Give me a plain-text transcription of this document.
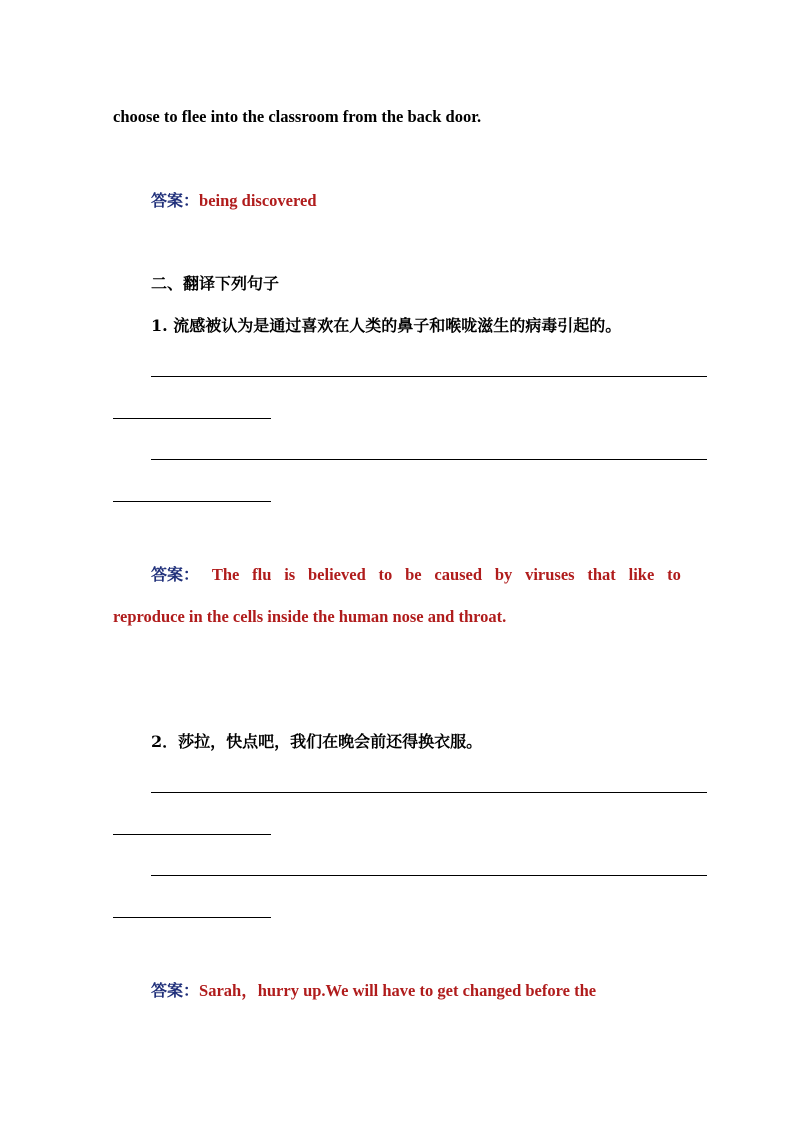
choose to flee into the classroom from the back door.
答案：being discovered
二、翻译下列句子
1. 流感被认为是通过喜欢在人类的鼻子和喉咙滋生的病毒引起的。
答案： The flu is believed to be caused by viruses that like to
reproduce in the cells inside the human nose and throat.
2．莎拉，快点吧，我们在晚会前还得换衣服。
答案：Sarah，hurry up.We will have to get changed before the
